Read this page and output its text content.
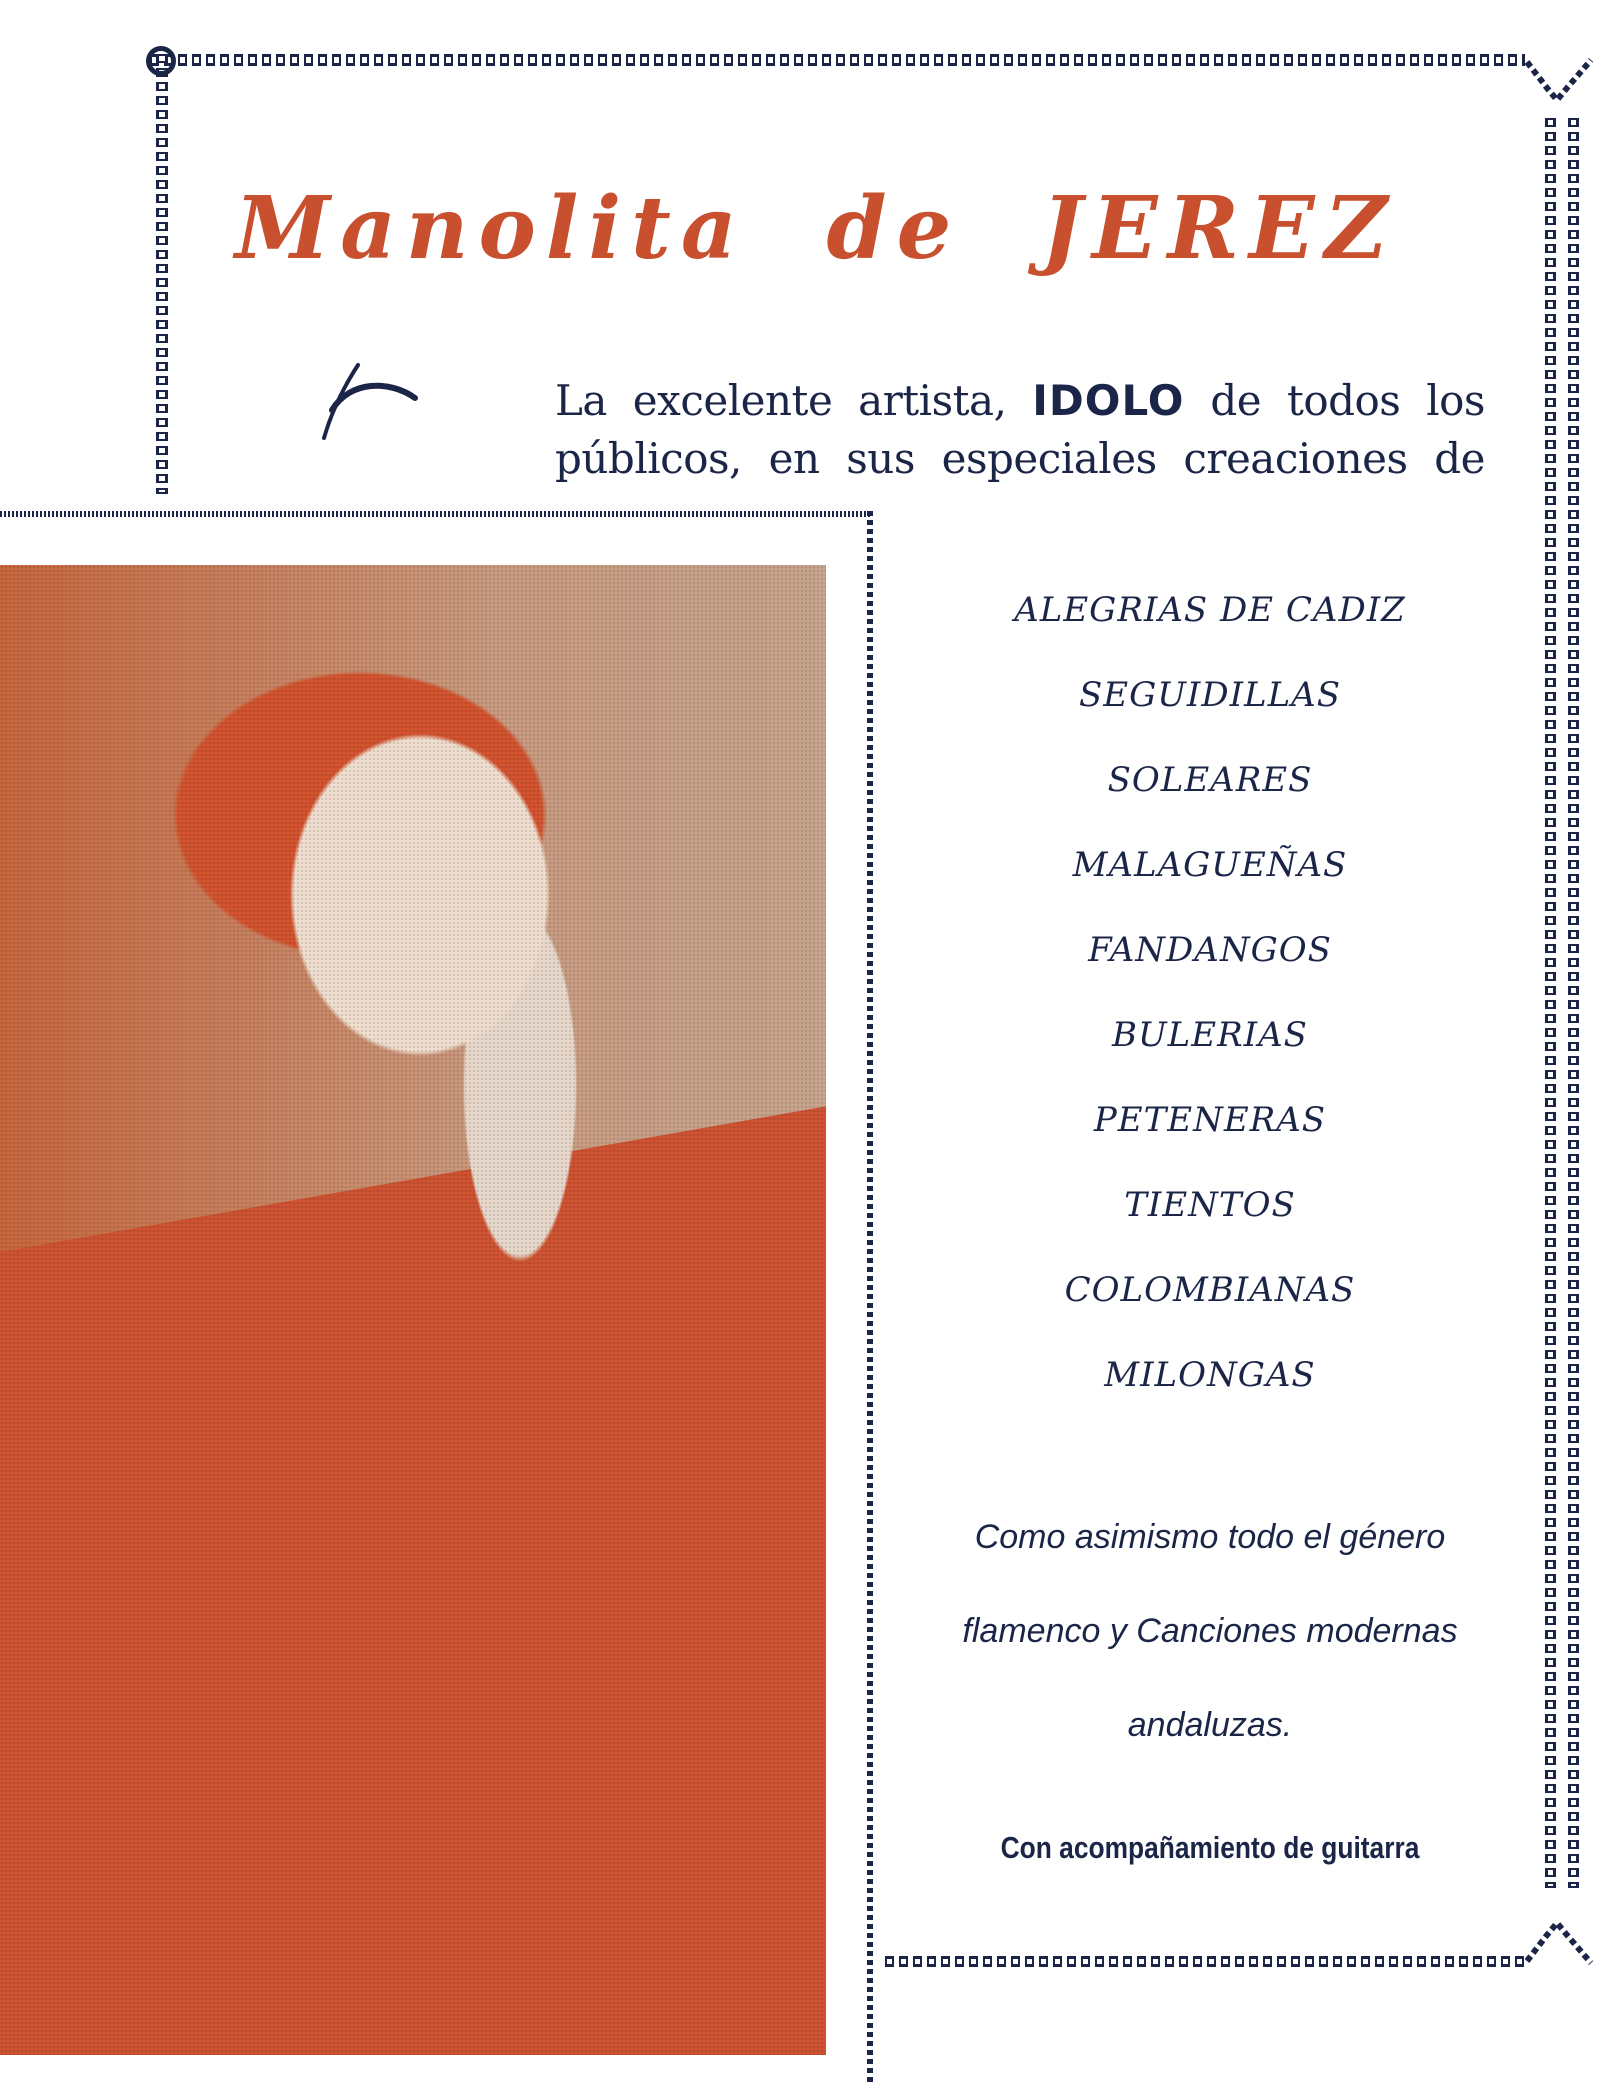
Manolita de JEREZ

La excelente artista, IDOLO de todos los públicos, en sus especiales creaciones de

ALEGRIAS DE CADIZ
SEGUIDILLAS
SOLEARES
MALAGUEÑAS
FANDANGOS
BULERIAS
PETENERAS
TIENTOS
COLOMBIANAS
MILONGAS
Como asimismo todo el género
flamenco y Canciones modernas
andaluzas.
Con acompañamiento de guitarra
